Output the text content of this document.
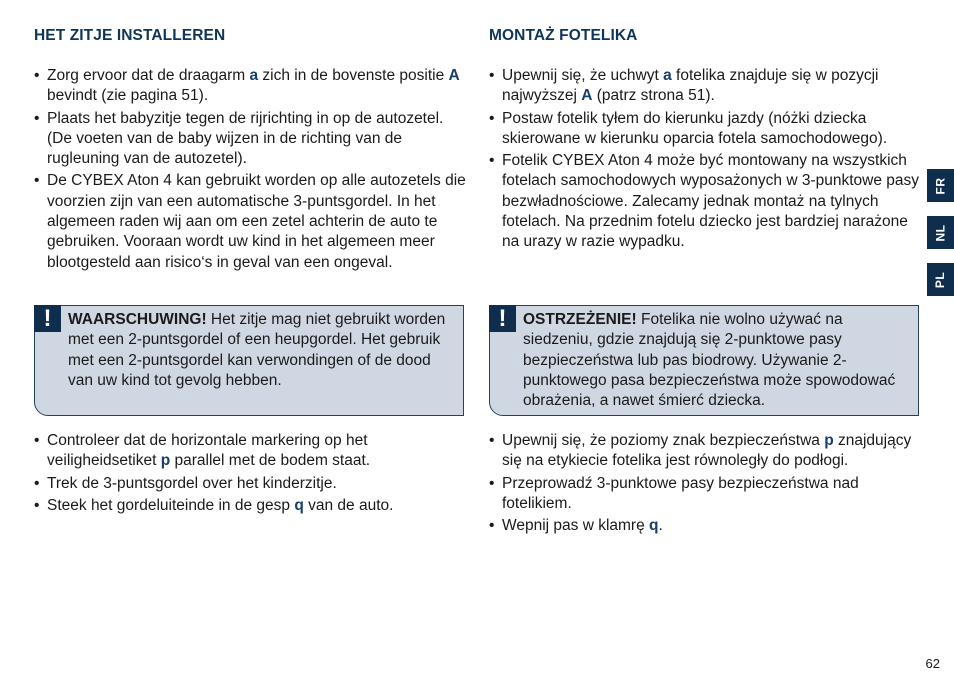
HET ZITJE INSTALLEREN
• Zorg ervoor dat de draagarm a zich in de bovenste positie A bevindt (zie pagina 51).
• Plaats het babyzitje tegen de rijrichting in op de autozetel. (De voeten van de baby wijzen in de richting van de rugleuning van de autozetel).
• De CYBEX Aton 4 kan gebruikt worden op alle autozetels die voorzien zijn van een automatische 3-puntsgordel. In het algemeen raden wij aan om een zetel achterin de auto te gebruiken. Vooraan wordt uw kind in het algemeen meer blootgesteld aan risico‘s in geval van een ongeval.
!	WAARSCHUWING! Het zitje mag niet gebruikt worden met een 2-puntsgordel of een heupgordel. Het gebruik met een 2-puntsgordel kan verwondingen of de dood van uw kind tot gevolg hebben.
• Controleer dat de horizontale markering op het veiligheidsetiket p parallel met de bodem staat.
• Trek de 3-puntsgordel over het kinderzitje.
• Steek het gordeluiteinde in de gesp q van de auto.
MONTAŻ FOTELIKA
• Upewnij się, że uchwyt a fotelika znajduje się w pozycji najwyższej A (patrz strona 51).
• Postaw fotelik tyłem do kierunku jazdy (nóżki dziecka skierowane w kierunku oparcia fotela samochodowego).
• Fotelik CYBEX Aton 4 może być montowany na wszystkich fotelach samochodowych wyposażonych w 3-punktowe pasy bezwładnościowe. Zalecamy jednak montaż na tylnych fotelach. Na przednim fotelu dziecko jest bardziej narażone na urazy w razie wypadku.
!	OSTRZEŻENIE! Fotelika nie wolno używać na siedzeniu, gdzie znajdują się 2-punktowe pasy bezpieczeństwa lub pas biodrowy. Używanie 2-punktowego pasa bezpieczeństwa może spowodować obrażenia, a nawet śmierć dziecka.
• Upewnij się, że poziomy znak bezpieczeństwa p znajdujący się na etykiecie fotelika jest równoległy do podłogi.
• Przeprowadź 3-punktowe pasy bezpieczeństwa nad fotelikiem.
• Wepnij pas w klamrę q.
FR
NL
PL
62
